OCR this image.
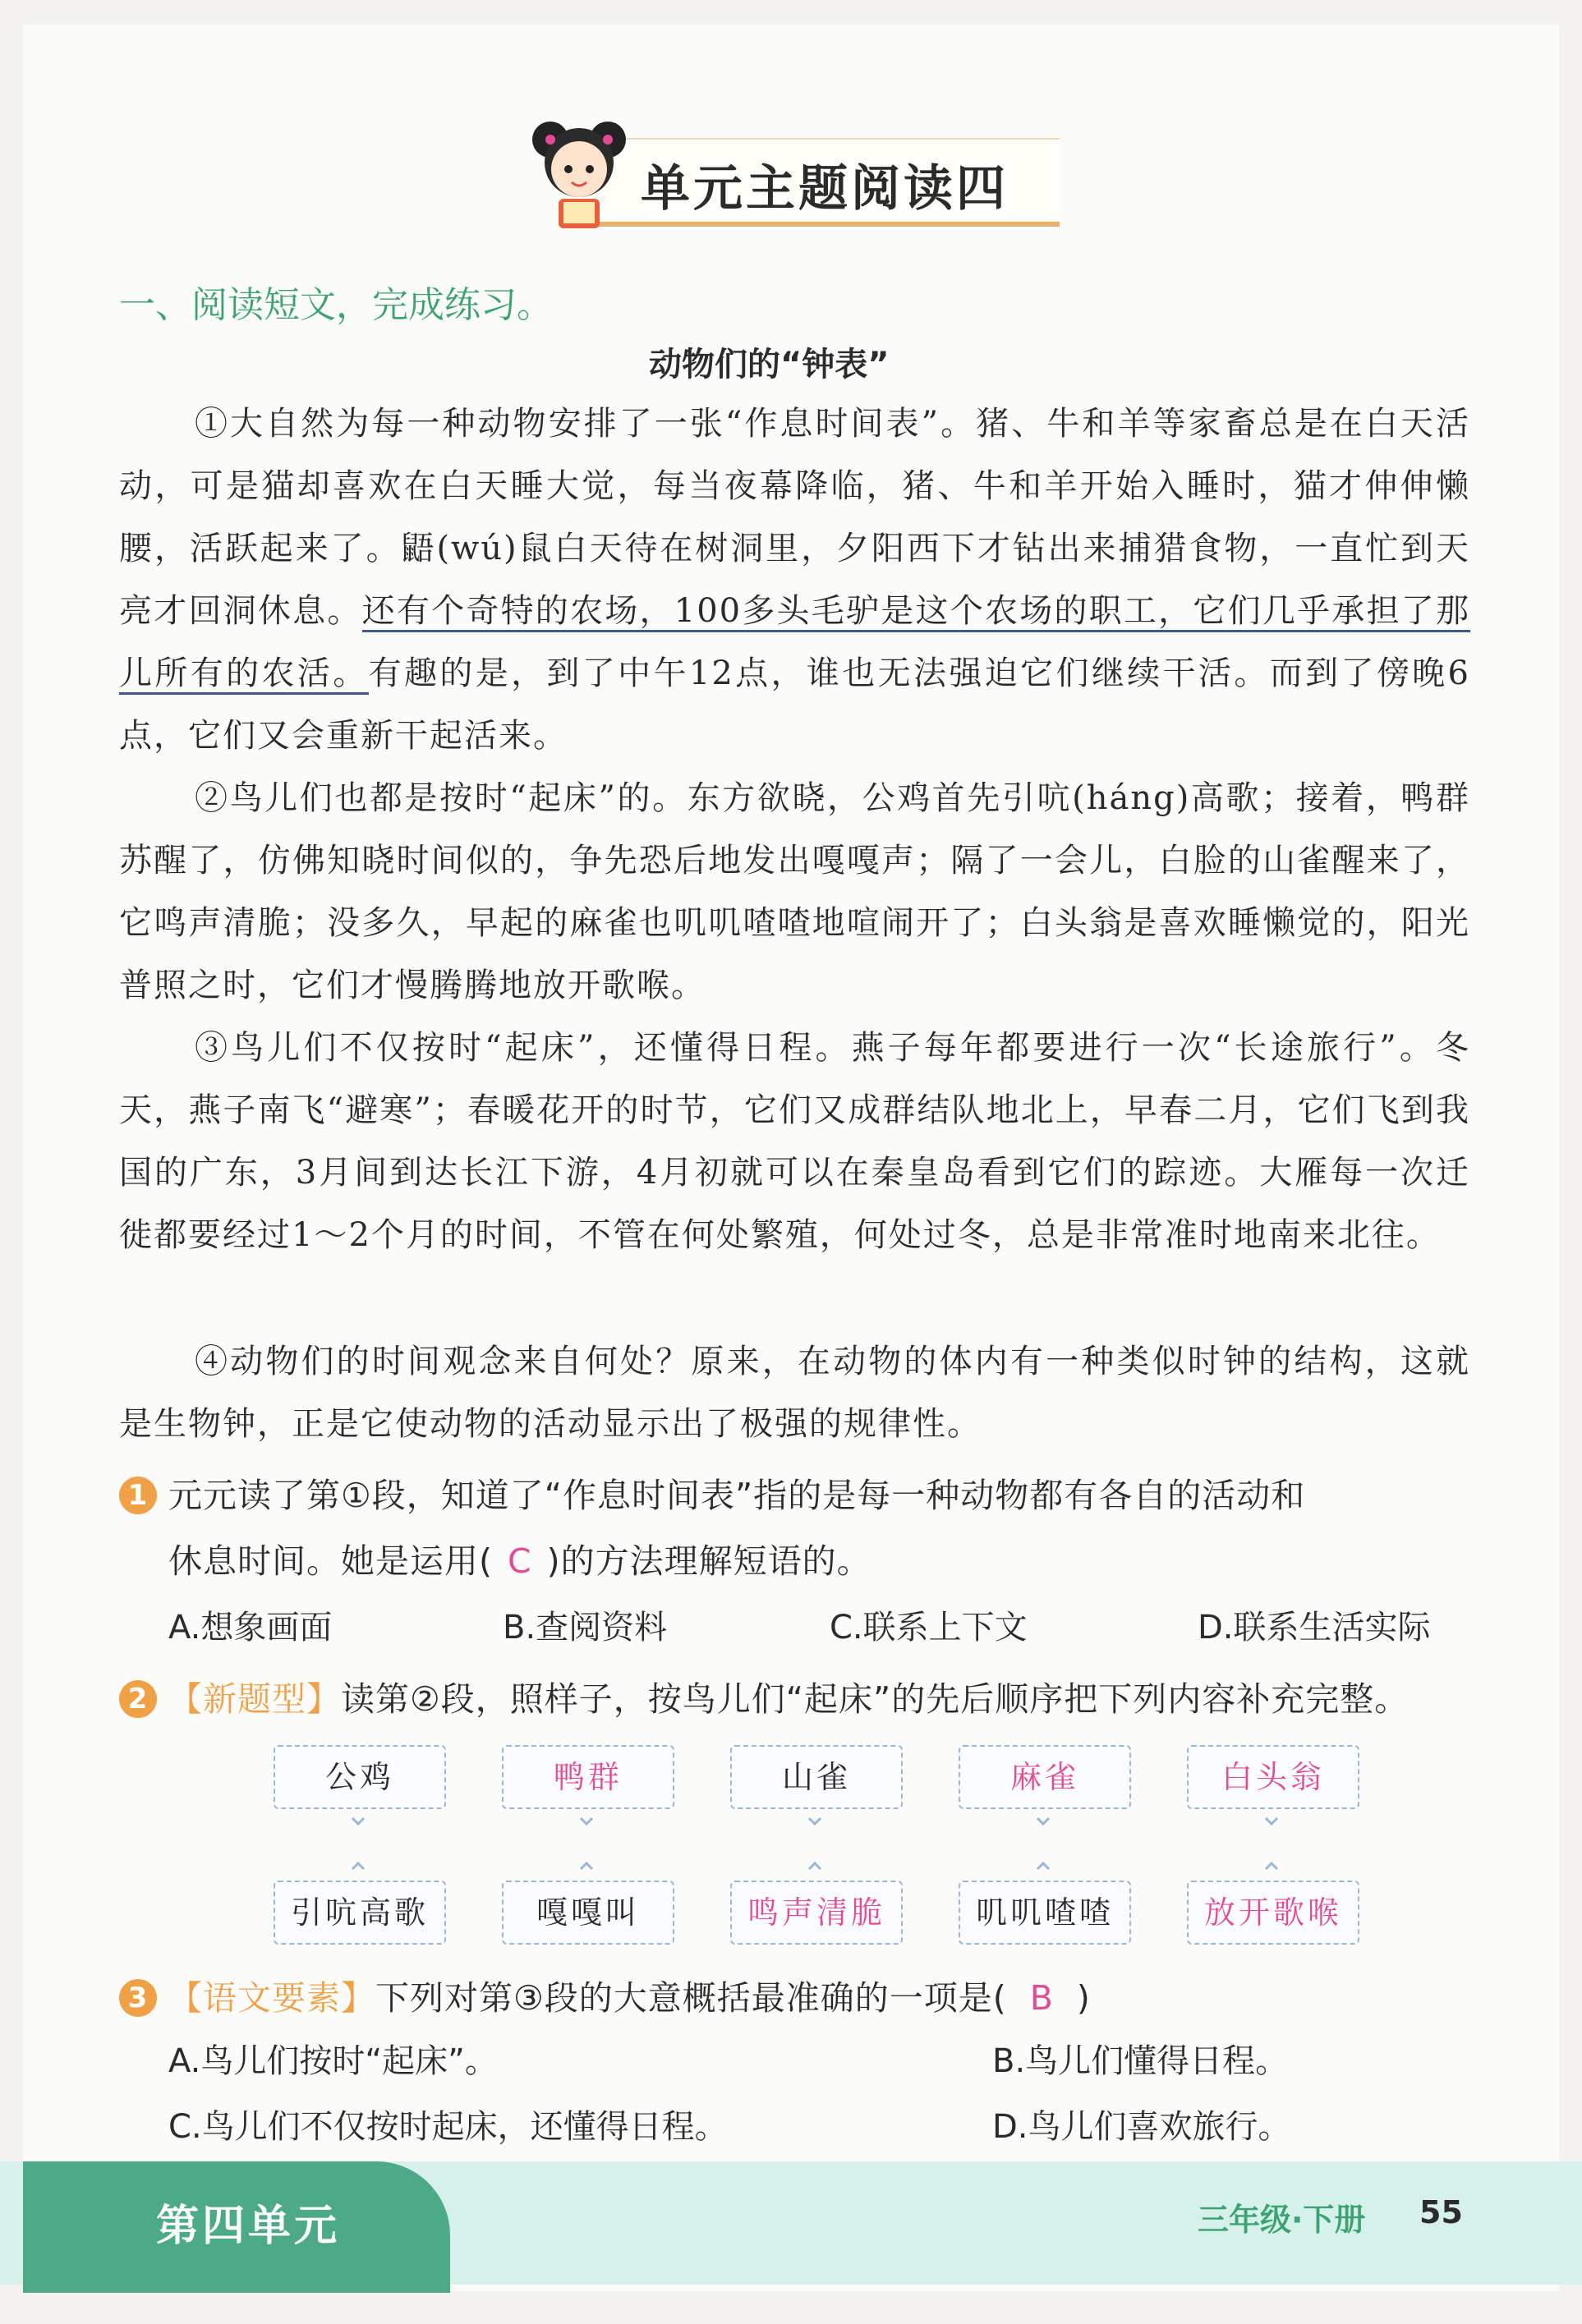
单元主题阅读四
一、阅读短文，完成练习。
动物们的“钟表”

①大自然为每一种动物安排了一张“作息时间表”。猪、牛和羊等家畜总是在白天活动，可是猫却喜欢在白天睡大觉，每当夜幕降临，猪、牛和羊开始入睡时，猫才伸伸懒腰，活跃起来了。鼯(wú)鼠白天待在树洞里，夕阳西下才钻出来捕猎食物，一直忙到天亮才回洞休息。还有个奇特的农场，100多头毛驴是这个农场的职工，它们几乎承担了那儿所有的农活。有趣的是，到了中午12点，谁也无法强迫它们继续干活。而到了傍晚6点，它们又会重新干起活来。

②鸟儿们也都是按时“起床”的。东方欲晓，公鸡首先引吭(háng)高歌；接着，鸭群苏醒了，仿佛知晓时间似的，争先恐后地发出嘎嘎声；隔了一会儿，白脸的山雀醒来了，它鸣声清脆；没多久，早起的麻雀也叽叽喳喳地喧闹开了；白头翁是喜欢睡懒觉的，阳光普照之时，它们才慢腾腾地放开歌喉。

③鸟儿们不仅按时“起床”，还懂得日程。燕子每年都要进行一次“长途旅行”。冬天，燕子南飞“避寒”；春暖花开的时节，它们又成群结队地北上，早春二月，它们飞到我国的广东，3月间到达长江下游，4月初就可以在秦皇岛看到它们的踪迹。大雁每一次迁徙都要经过1～2个月的时间，不管在何处繁殖，何处过冬，总是非常准时地南来北往。

④动物们的时间观念来自何处？原来，在动物的体内有一种类似时钟的结构，这就是生物钟，正是它使动物的活动显示出了极强的规律性。

1 元元读了第①段，知道了“作息时间表”指的是每一种动物都有各自的活动和
休息时间。她是运用( C )的方法理解短语的。
A.想象画面	B.查阅资料	C.联系上下文	D.联系生活实际
2 【新题型】读第②段，照样子，按鸟儿们“起床”的先后顺序把下列内容补充完整。
公鸡	鸭群	山雀	麻雀	白头翁
引吭高歌	嘎嘎叫	鸣声清脆	叽叽喳喳	放开歌喉
3 【语文要素】下列对第③段的大意概括最准确的一项是( B )
A.鸟儿们按时“起床”。	B.鸟儿们懂得日程。
C.鸟儿们不仅按时起床，还懂得日程。	D.鸟儿们喜欢旅行。
第四单元	三年级·下册 55
